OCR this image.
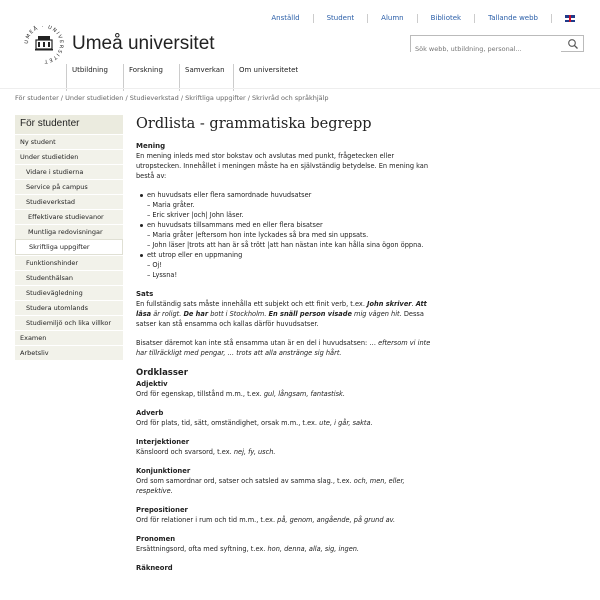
Anställd	Student	Alumn	Bibliotek	Tallande webb
UMEÅ · UNIVERSITET
Umeå universitet
Sök webb, utbildning, personal...
Utbildning	Forskning	Samverkan	Om universitetet
För studenter / Under studietiden / Studieverkstad / Skriftliga uppgifter / Skrivråd och språkhjälp
För studenter
Ny student
Under studietiden
Vidare i studierna
Service på campus
Studieverkstad
Effektivare studievanor
Muntliga redovisningar
Skriftliga uppgifter
Funktionshinder
Studenthälsan
Studievägledning
Studera utomlands
Studiemiljö och lika villkor
Examen
Arbetsliv
Ordlista - grammatiska begrepp
Mening

En mening inleds med stor bokstav och avslutas med punkt, frågetecken eller utropstecken. Innehållet i meningen måste ha en självständig betydelse. En mening kan bestå av:

en huvudsats eller flera samordnade huvudsatser
– Maria gråter.
– Eric skriver |och| John läser.
en huvudsats tillsammans med en eller flera bisatser
– Maria gråter |eftersom hon inte lyckades så bra med sin uppsats.
– John läser |trots att han är så trött |att han nästan inte kan hålla sina ögon öppna.
ett utrop eller en uppmaning
– Oj!
– Lyssna!
Sats

En fullständig sats måste innehålla ett subjekt och ett finit verb, t.ex. John skriver. Att läsa är roligt. De har bott i Stockholm. En snäll person visade mig vägen hit. Dessa satser kan stå ensamma och kallas därför huvudsatser.

Bisatser däremot kan inte stå ensamma utan är en del i huvudsatsen: … eftersom vi inte har tillräckligt med pengar, … trots att alla anstränge sig hårt.

Ordklasser
Adjektiv
Ord för egenskap, tillstånd m.m., t.ex. gul, långsam, fantastisk.
Adverb
Ord för plats, tid, sätt, omständighet, orsak m.m., t.ex. ute, i går, sakta.
Interjektioner
Känsloord och svarsord, t.ex. nej, fy, usch.
Konjunktioner
Ord som samordnar ord, satser och satsled av samma slag., t.ex. och, men, eller, respektive.
Prepositioner
Ord för relationer i rum och tid m.m., t.ex. på, genom, angående, på grund av.
Pronomen
Ersättningsord, ofta med syftning, t.ex. hon, denna, alla, sig, ingen.
Räkneord
